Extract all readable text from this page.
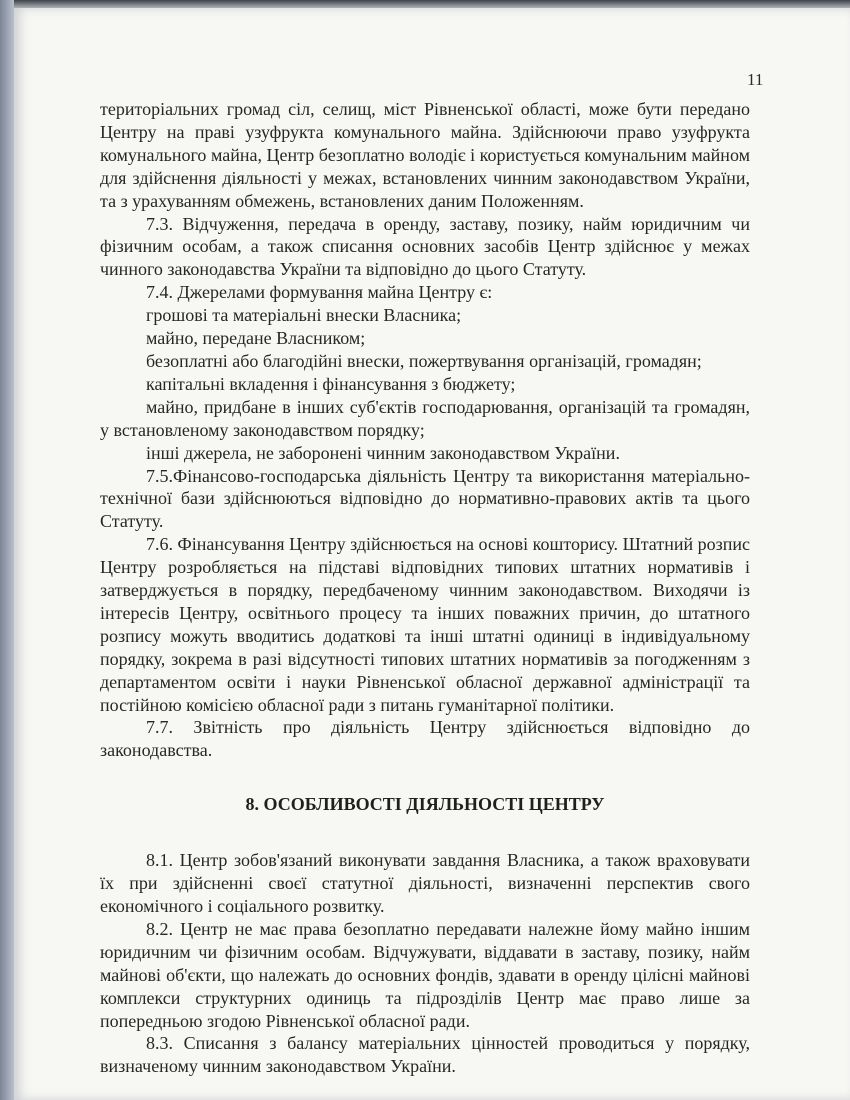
11

територіальних громад сіл, селищ, міст Рівненської області, може бути передано Центру на праві узуфрукта комунального майна. Здійснюючи право узуфрукта комунального майна, Центр безоплатно володіє і користується комунальним майном для здійснення діяльності у межах, встановлених чинним законодавством України, та з урахуванням обмежень, встановлених даним Положенням.

7.3. Відчуження, передача в оренду, заставу, позику, найм юридичним чи фізичним особам, а також списання основних засобів Центр здійснює у межах чинного законодавства України та відповідно до цього Статуту.

7.4. Джерелами формування майна Центру є:

грошові та матеріальні внески Власника;

майно, передане Власником;

безоплатні або благодійні внески, пожертвування організацій, громадян;

капітальні вкладення і фінансування з бюджету;

майно, придбане в інших суб'єктів господарювання, організацій та громадян, у встановленому законодавством порядку;

інші джерела, не заборонені чинним законодавством України.

7.5.Фінансово-господарська діяльність Центру та використання матеріально-технічної бази здійснюються відповідно до нормативно-правових актів та цього Статуту.

7.6. Фінансування Центру здійснюється на основі кошторису. Штатний розпис Центру розробляється на підставі відповідних типових штатних нормативів і затверджується в порядку, передбаченому чинним законодавством. Виходячи із інтересів Центру, освітнього процесу та інших поважних причин, до штатного розпису можуть вводитись додаткові та інші штатні одиниці в індивідуальному порядку, зокрема в разі відсутності типових штатних нормативів за погодженням з департаментом освіти і науки Рівненської обласної державної адміністрації та постійною комісією обласної ради з питань гуманітарної політики.

7.7. Звітність про діяльність Центру здійснюється відповідно до законодавства.

8. ОСОБЛИВОСТІ ДІЯЛЬНОСТІ ЦЕНТРУ

8.1. Центр зобов'язаний виконувати завдання Власника, а також враховувати їх при здійсненні своєї статутної діяльності, визначенні перспектив свого економічного і соціального розвитку.

8.2. Центр не має права безоплатно передавати належне йому майно іншим юридичним чи фізичним особам. Відчужувати, віддавати в заставу, позику, найм майнові об'єкти, що належать до основних фондів, здавати в оренду цілісні майнові комплекси структурних одиниць та підрозділів Центр має право лише за попередньою згодою Рівненської обласної ради.

8.3. Списання з балансу матеріальних цінностей проводиться у порядку, визначеному чинним законодавством України.
